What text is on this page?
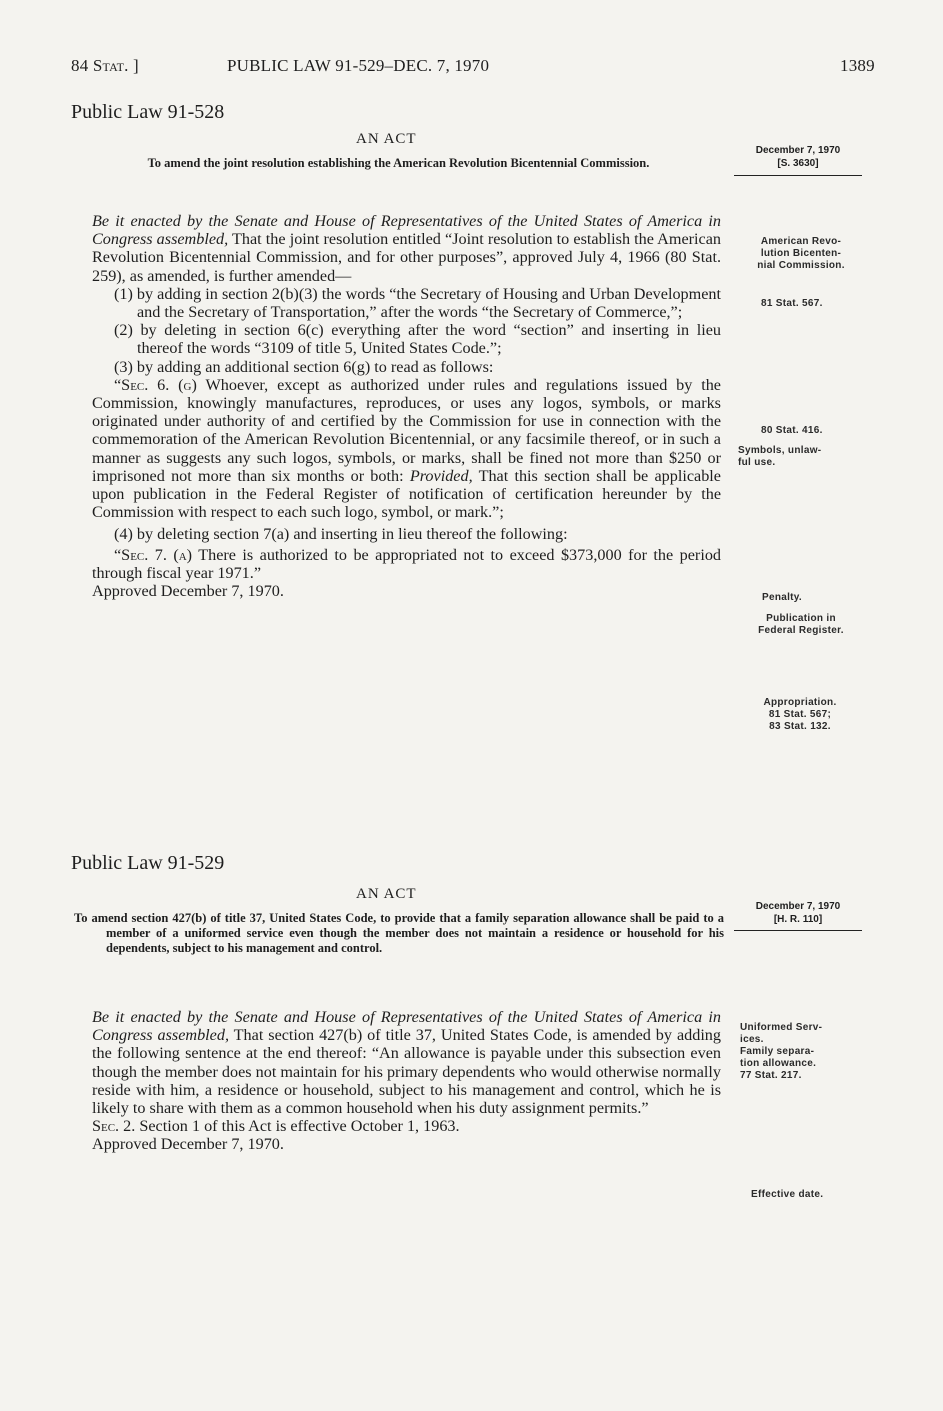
84 Stat. ]	PUBLIC LAW 91-529–DEC. 7, 1970	1389
Public Law 91-528
AN ACT
To amend the joint resolution establishing the American Revolution Bicentennial Commission.
December 7, 1970
[S. 3630]

Be it enacted by the Senate and House of Representatives of the United States of America in Congress assembled, That the joint resolution entitled “Joint resolution to establish the American Revolution Bicentennial Commission, and for other purposes”, approved July 4, 1966 (80 Stat. 259), as amended, is further amended—

(1) by adding in section 2(b)(3) the words “the Secretary of Housing and Urban Development and the Secretary of Transportation,” after the words “the Secretary of Commerce,”;

(2) by deleting in section 6(c) everything after the word “section” and inserting in lieu thereof the words “3109 of title 5, United States Code.”;

(3) by adding an additional section 6(g) to read as follows:

“Sec. 6. (g) Whoever, except as authorized under rules and regulations issued by the Commission, knowingly manufactures, reproduces, or uses any logos, symbols, or marks originated under authority of and certified by the Commission for use in connection with the commemoration of the American Revolution Bicentennial, or any facsimile thereof, or in such a manner as suggests any such logos, symbols, or marks, shall be fined not more than $250 or imprisoned not more than six months or both: Provided, That this section shall be applicable upon publication in the Federal Register of notification of certification hereunder by the Commission with respect to each such logo, symbol, or mark.”;

(4) by deleting section 7(a) and inserting in lieu thereof the following:

“Sec. 7. (a) There is authorized to be appropriated not to exceed $373,000 for the period through fiscal year 1971.”

Approved December 7, 1970.

American Revo-
lution Bicenten-
nial Commission.
81 Stat. 567.
80 Stat. 416.
Symbols, unlaw-
ful use.
Penalty.
Publication in
Federal Register.
Appropriation.
81 Stat. 567;
83 Stat. 132.
Public Law 91-529
AN ACT
To amend section 427(b) of title 37, United States Code, to provide that a family separation allowance shall be paid to a member of a uniformed service even though the member does not maintain a residence or household for his dependents, subject to his management and control.
December 7, 1970
[H. R. 110]

Be it enacted by the Senate and House of Representatives of the United States of America in Congress assembled, That section 427(b) of title 37, United States Code, is amended by adding the following sentence at the end thereof: “An allowance is payable under this subsection even though the member does not maintain for his primary dependents who would otherwise normally reside with him, a residence or household, subject to his management and control, which he is likely to share with them as a common household when his duty assignment permits.”

Sec. 2. Section 1 of this Act is effective October 1, 1963.

Approved December 7, 1970.

Uniformed Serv-
ices.
Family separa-
tion allowance.
77 Stat. 217.
Effective date.
